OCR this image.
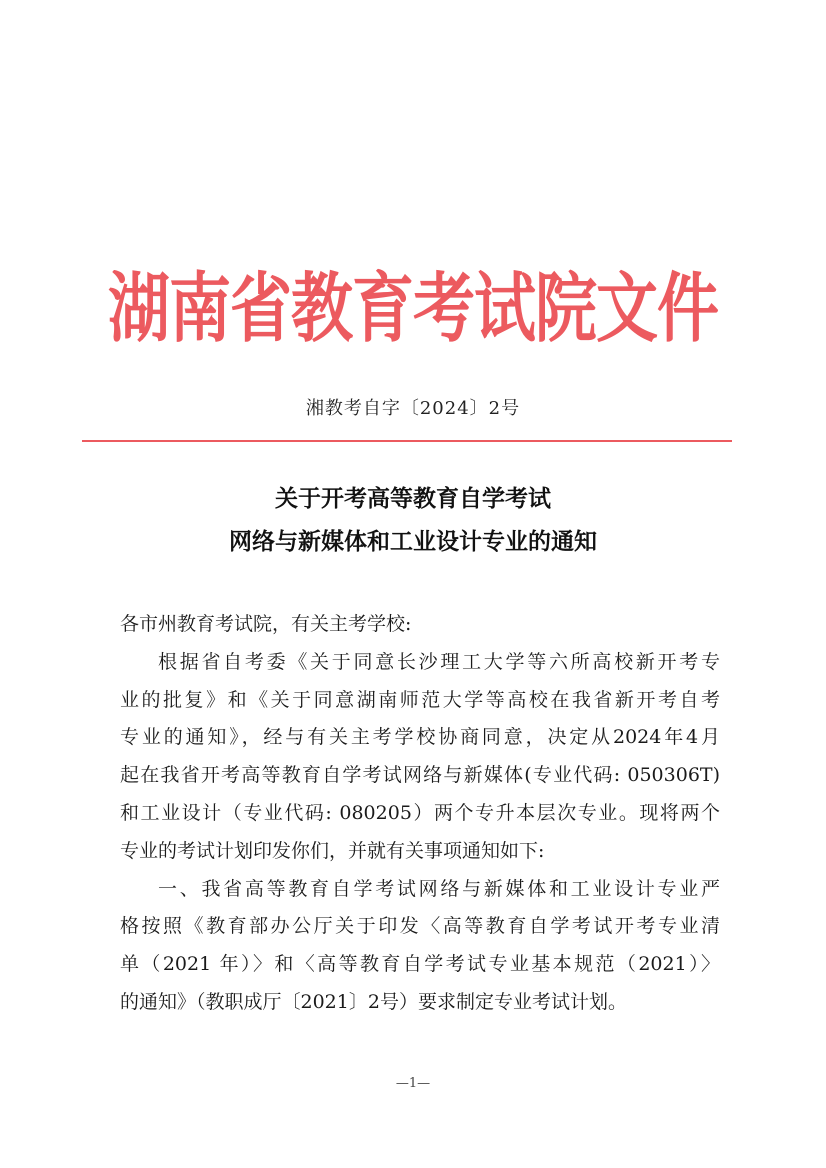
湖南省教育考试院文件
湘教考自字〔2024〕2号
关于开考高等教育自学考试
网络与新媒体和工业设计专业的通知
各市州教育考试院，有关主考学校:
根据省自考委《关于同意长沙理工大学等六所高校新开考专
业的批复》和《关于同意湖南师范大学等高校在我省新开考自考
专业的通知》，经与有关主考学校协商同意，决定从2024年4月
起在我省开考高等教育自学考试网络与新媒体(专业代码: 050306T)
和工业设计（专业代码: 080205）两个专升本层次专业。现将两个
专业的考试计划印发你们，并就有关事项通知如下:
一、我省高等教育自学考试网络与新媒体和工业设计专业严
格按照《教育部办公厅关于印发〈高等教育自学考试开考专业清
单（2021 年）〉和〈高等教育自学考试专业基本规范（2021）〉
的通知》（教职成厅〔2021〕2号）要求制定专业考试计划。
—1—
